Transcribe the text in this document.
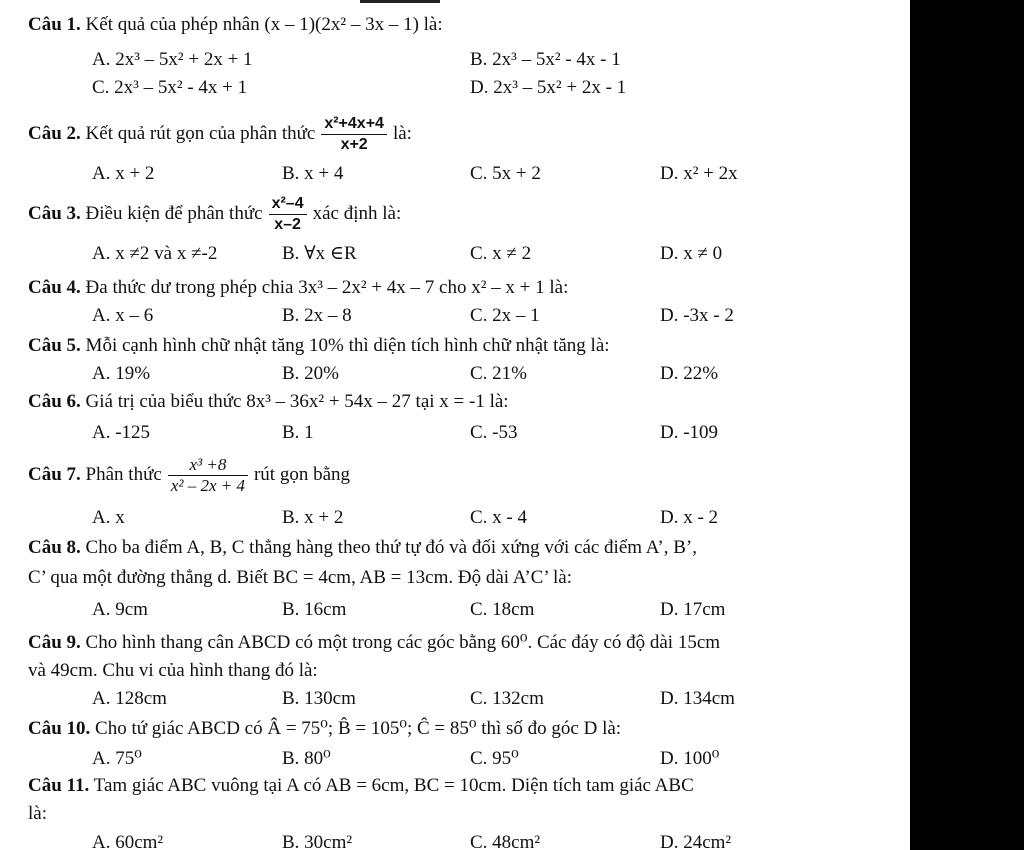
Câu 1. Kết quả của phép nhân (x – 1)(2x² – 3x – 1) là:
A. 2x³ – 5x² + 2x + 1	B. 2x³ – 5x² - 4x - 1
C. 2x³ – 5x² - 4x + 1	D. 2x³ – 5x² + 2x - 1
Câu 2. Kết quả rút gọn của phân thức $\frac{\text{x²+4x+4}}{x+2}$ là:
A. x + 2	B. x + 4	C. 5x + 2	D. x² + 2x
Câu 3. Điều kiện để phân thức $\frac{\text{x²–4}}{x-2}$ xác định là:
A. x ≠2 và x ≠-2	B. ∀x ∈R	C. x ≠ 2	D. x ≠ 0
Câu 4. Đa thức dư trong phép chia 3x³ – 2x² + 4x – 7 cho x² – x + 1 là:
A. x – 6	B. 2x – 8	C. 2x – 1	D. -3x - 2
Câu 5. Mỗi cạnh hình chữ nhật tăng 10% thì diện tích hình chữ nhật tăng là:
A. 19%	B. 20%	C. 21%	D. 22%
Câu 6. Giá trị của biểu thức 8x³ – 36x² + 54x – 27 tại x = -1 là:
A. -125	B. 1	C. -53	D. -109
Câu 7. Phân thức $\frac{\text{x³ +8}}{\text{x² – 2x + 4}}$ rút gọn bằng
A. x	B. x + 2	C. x - 4	D. x - 2
Câu 8. Cho ba điểm A, B, C thẳng hàng theo thứ tự đó và đối xứng với các điểm A’, B’,
C’ qua một đường thẳng d. Biết BC = 4cm, AB = 13cm. Độ dài A’C’ là:
A. 9cm	B. 16cm	C. 18cm	D. 17cm
Câu 9. Cho hình thang cân ABCD có một trong các góc bằng 60⁰. Các đáy có độ dài 15cm
và 49cm. Chu vi của hình thang đó là:
A. 128cm	B. 130cm	C. 132cm	D. 134cm
Câu 10. Cho tứ giác ABCD có Â = 75⁰; B̂ = 105⁰; Ĉ = 85⁰ thì số đo góc D là:
A. 75⁰	B. 80⁰	C. 95⁰	D. 100⁰
Câu 11. Tam giác ABC vuông tại A có AB = 6cm, BC = 10cm. Diện tích tam giác ABC
là:
A. 60cm²	B. 30cm²	C. 48cm²	D. 24cm²
